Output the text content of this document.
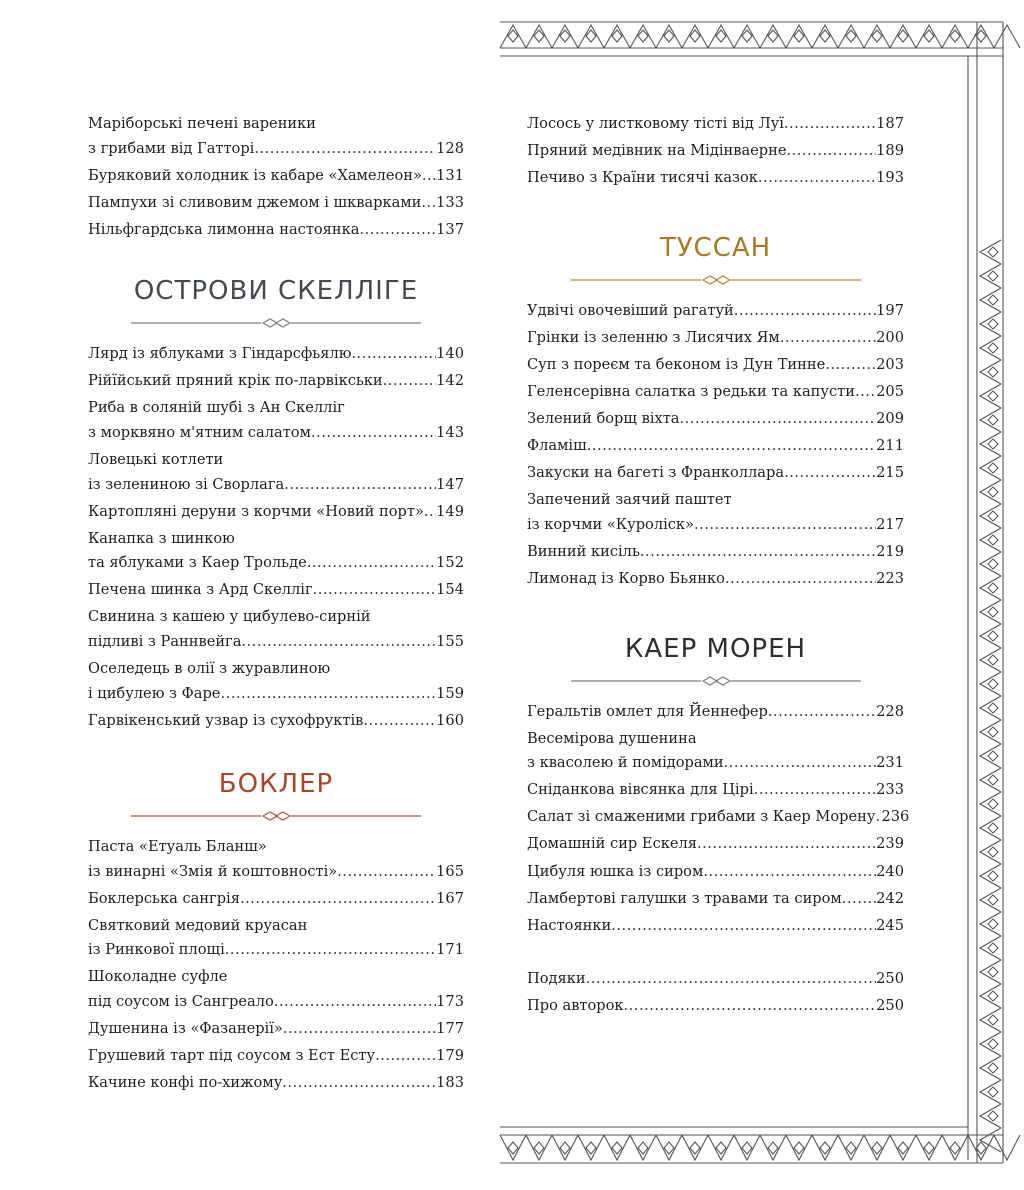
Маріборські печені вареники
з грибами від Гатторі .....	128
Буряковий холодник із кабаре «Хамелеон» ..... 131
Пампухи зі сливовим джемом і шкварками ..... 133
Нільфгардська лимонна настоянка .....	137
ОСТРОВИ СКЕЛЛІГЕ
Лярд із яблуками з Гіндарсфьялю .....	140
Рійїйський пряний крік по-ларвікськи .....	142
Риба в соляній шубі з Ан Скелліг
з морквяно м'ятним салатом .....	143
Ловецькі котлети
із зелениною зі Сворлага .....	147
Картопляні деруни з корчми «Новий порт» ..... 149
Канапка з шинкою
та яблуками з Каер Трольде .....	152
Печена шинка з Ард Скелліг .....	154
Свинина з кашею у цибулево-сирній
підливі з Раннвейга .....	155
Оселедець в олії з журавлиною
і цибулею з Фаре .....	159
Гарвікенський узвар із сухофруктів .....	160
БОКЛЕР
Паста «Етуаль Бланш»
із винарні «Змія й коштовності» .....	165
Боклерська сангрія .....	167
Святковий медовий круасан
із Ринкової площі .....	171
Шоколадне суфле
під соусом із Сангреало .....	173
Душенина із «Фазанерії» .....	177
Грушевий тарт під соусом з Ест Есту .....	179
Качине конфі по-хижому .....	183
Лосось у листковому тісті від Луї .....	187
Пряний медівник на Мідінваерне .....	189
Печиво з Країни тисячі казок .....	193
ТУССАН
Удвічі овочевіший рагатуй .....	197
Грінки із зеленню з Лисячих Ям .....	200
Суп з пореєм та беконом із Дун Тинне .....	203
Геленсерівна салатка з редьки та капусти ..... 205
Зелений борщ віхта .....	209
Фламіш .....	211
Закуски на багеті з Франколлара .....	215
Запечений заячий паштет
із корчми «Куроліск» .....	217
Винний кисіль .....	219
Лимонад із Корво Бьянко .....	223
КАЕР МОРЕН
Геральтів омлет для Йеннефер .....	228
Весемірова душенина
з квасолею й помідорами .....	231
Сніданкова вівсянка для Цірі .....	233
Салат зі смаженими грибами з Каер Морену ..... 236
Домашній сир Ескеля .....	239
Цибуля юшка із сиром .....	240
Ламбертові галушки з травами та сиром ..... 242
Настоянки .....	245
Подяки .....	250
Про авторок .....	250
